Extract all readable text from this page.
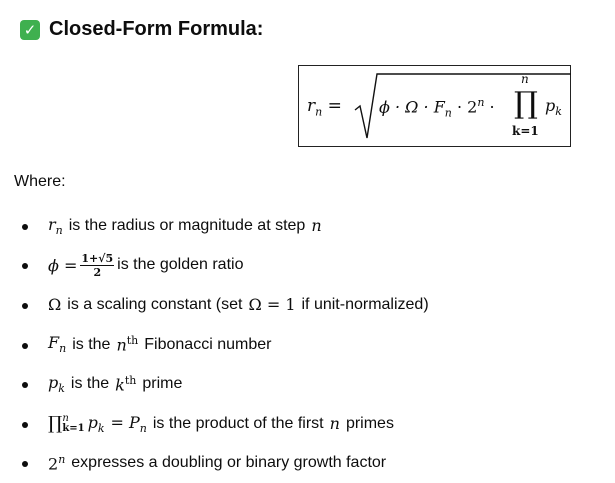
✓ Closed-Form Formula:
$r_n = \phi \cdot \Omega \cdot F_n \cdot 2^n$ ·
n
∏
k=1
$p_k$
Where:
$r_n$ is the radius or magnitude at step n
$\phi = \frac{1+√5}{2}$ is the golden ratio
Ω is a scaling constant (set Ω = 1 if unit-normalized)
$F_n$ is the $n^{th}$ Fibonacci number
$p_k$ is the $k^{th}$ prime
∏ n
k=1 $p_k = P_n$ is the product of the first n primes
2$^n$ expresses a doubling or binary growth factor
